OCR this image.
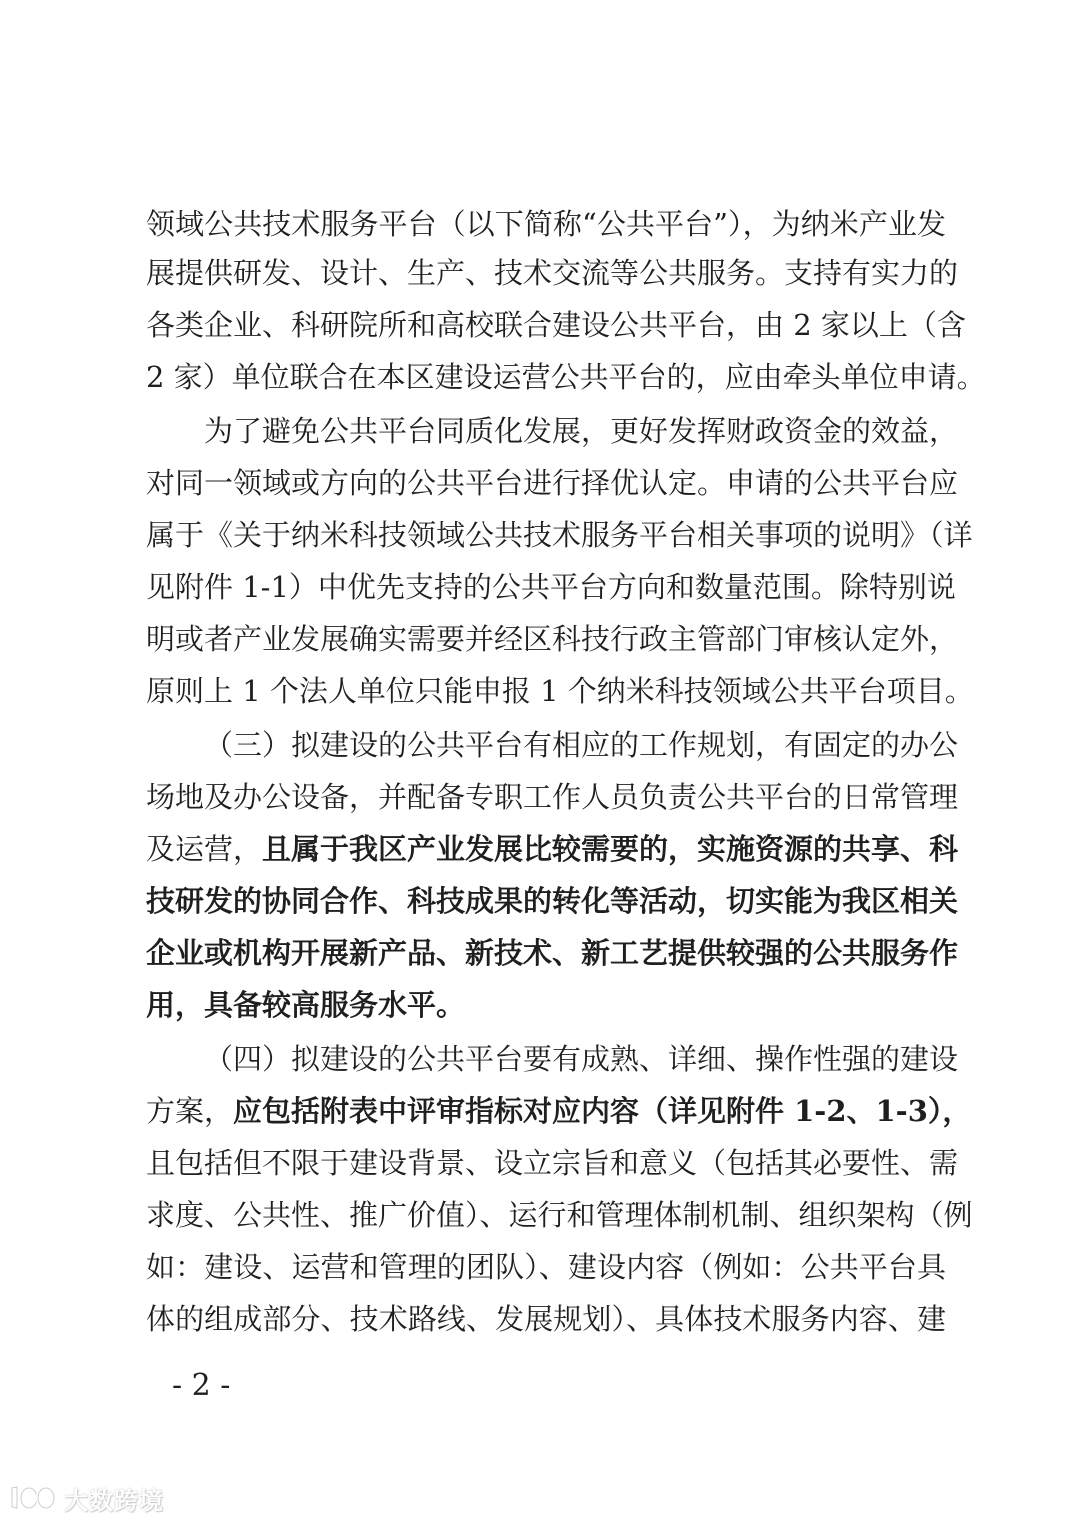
领域公共技术服务平台（以下简称“公共平台”），为纳米产业发
展提供研发、设计、生产、技术交流等公共服务。支持有实力的
各类企业、科研院所和高校联合建设公共平台，由 2 家以上（含
2 家）单位联合在本区建设运营公共平台的，应由牵头单位申请。
为了避免公共平台同质化发展，更好发挥财政资金的效益，
对同一领域或方向的公共平台进行择优认定。申请的公共平台应
属于《关于纳米科技领域公共技术服务平台相关事项的说明》（详
见附件 1-1）中优先支持的公共平台方向和数量范围。除特别说
明或者产业发展确实需要并经区科技行政主管部门审核认定外，
原则上 1 个法人单位只能申报 1 个纳米科技领域公共平台项目。
（三）拟建设的公共平台有相应的工作规划，有固定的办公
场地及办公设备，并配备专职工作人员负责公共平台的日常管理
及运营，且属于我区产业发展比较需要的，实施资源的共享、科
技研发的协同合作、科技成果的转化等活动，切实能为我区相关
企业或机构开展新产品、新技术、新工艺提供较强的公共服务作
用，具备较高服务水平。
（四）拟建设的公共平台要有成熟、详细、操作性强的建设
方案，应包括附表中评审指标对应内容（详见附件 1-2、1-3），
且包括但不限于建设背景、设立宗旨和意义（包括其必要性、需
求度、公共性、推广价值）、运行和管理体制机制、组织架构（例
如：建设、运营和管理的团队）、建设内容（例如：公共平台具
体的组成部分、技术路线、发展规划）、具体技术服务内容、建
- 2 -
大数跨境
